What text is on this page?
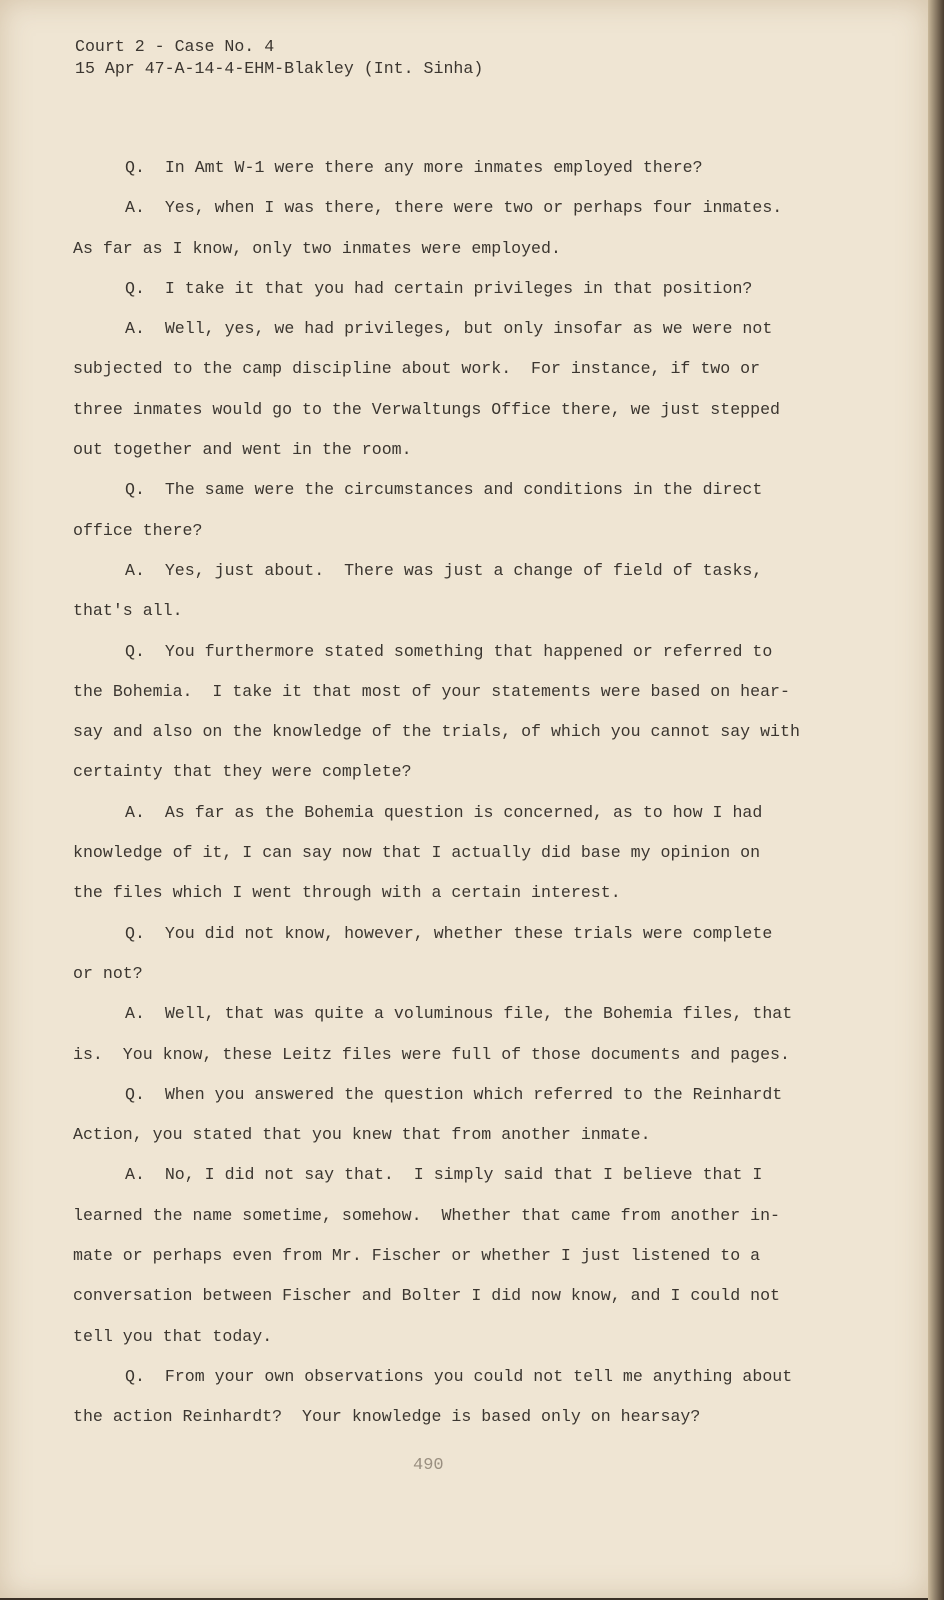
Court 2 - Case No. 4
15 Apr 47-A-14-4-EHM-Blakley (Int. Sinha)
Q. In Amt W-1 were there any more inmates employed there?
A. Yes, when I was there, there were two or perhaps four inmates.
As far as I know, only two inmates were employed.
Q. I take it that you had certain privileges in that position?
A. Well, yes, we had privileges, but only insofar as we were not
subjected to the camp discipline about work.  For instance, if two or
three inmates would go to the Verwaltungs Office there, we just stepped
out together and went in the room.
Q. The same were the circumstances and conditions in the direct
office there?
A. Yes, just about.  There was just a change of field of tasks,
that's all.
Q. You furthermore stated something that happened or referred to
the Bohemia.  I take it that most of your statements were based on hear-
say and also on the knowledge of the trials, of which you cannot say with
certainty that they were complete?
A. As far as the Bohemia question is concerned, as to how I had
knowledge of it, I can say now that I actually did base my opinion on
the files which I went through with a certain interest.
Q. You did not know, however, whether these trials were complete
or not?
A. Well, that was quite a voluminous file, the Bohemia files, that
is.  You know, these Leitz files were full of those documents and pages.
Q. When you answered the question which referred to the Reinhardt
Action, you stated that you knew that from another inmate.
A. No, I did not say that.  I simply said that I believe that I
learned the name sometime, somehow.  Whether that came from another in-
mate or perhaps even from Mr. Fischer or whether I just listened to a
conversation between Fischer and Bolter I did now know, and I could not
tell you that today.
Q. From your own observations you could not tell me anything about
the action Reinhardt?  Your knowledge is based only on hearsay?
490
